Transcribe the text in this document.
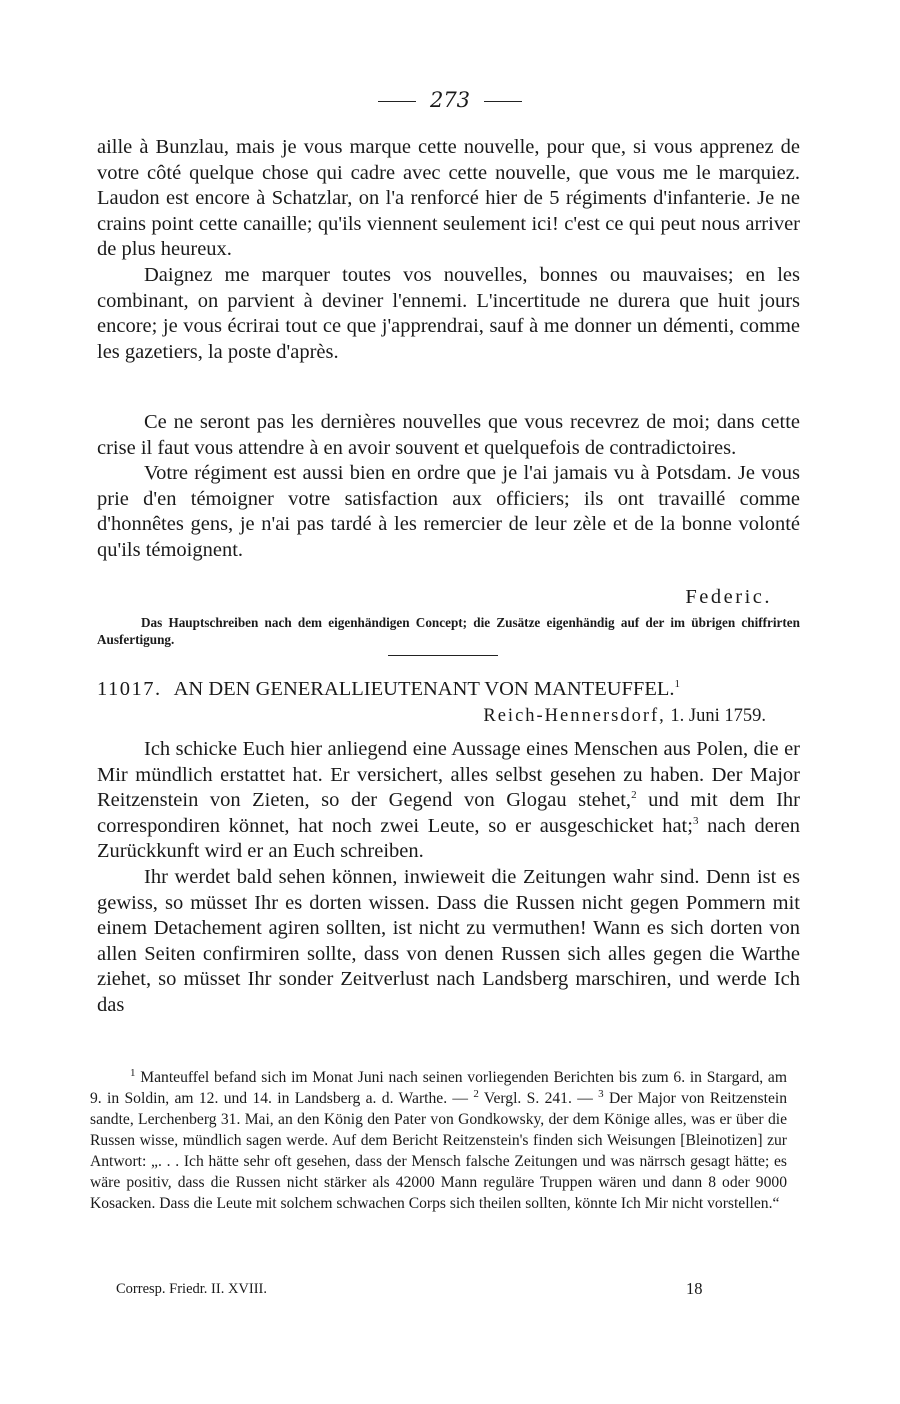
273

aille à Bunzlau, mais je vous marque cette nouvelle, pour que, si vous apprenez de votre côté quelque chose qui cadre avec cette nouvelle, que vous me le marquiez. Laudon est encore à Schatzlar, on l'a renforcé hier de 5 régiments d'infanterie. Je ne crains point cette canaille; qu'ils viennent seulement ici! c'est ce qui peut nous arriver de plus heureux.

Daignez me marquer toutes vos nouvelles, bonnes ou mauvaises; en les combinant, on parvient à deviner l'ennemi. L'incertitude ne durera que huit jours encore; je vous écrirai tout ce que j'apprendrai, sauf à me donner un démenti, comme les gazetiers, la poste d'après.

Ce ne seront pas les dernières nouvelles que vous recevrez de moi; dans cette crise il faut vous attendre à en avoir souvent et quelquefois de contradictoires.

Votre régiment est aussi bien en ordre que je l'ai jamais vu à Potsdam. Je vous prie d'en témoigner votre satisfaction aux officiers; ils ont travaillé comme d'honnêtes gens, je n'ai pas tardé à les remercier de leur zèle et de la bonne volonté qu'ils témoignent.

Federic.
Das Hauptschreiben nach dem eigenhändigen Concept; die Zusätze eigenhändig auf der im übrigen chiffrirten Ausfertigung.
11017. AN DEN GENERALLIEUTENANT VON MANTEUFFEL.$^1$
Reich-Hennersdorf, 1. Juni 1759.

Ich schicke Euch hier anliegend eine Aussage eines Menschen aus Polen, die er Mir mündlich erstattet hat. Er versichert, alles selbst gesehen zu haben. Der Major Reitzenstein von Zieten, so der Gegend von Glogau stehet,$^2$ und mit dem Ihr correspondiren könnet, hat noch zwei Leute, so er ausgeschicket hat;$^3$ nach deren Zurückkunft wird er an Euch schreiben.

Ihr werdet bald sehen können, inwieweit die Zeitungen wahr sind. Denn ist es gewiss, so müsset Ihr es dorten wissen. Dass die Russen nicht gegen Pommern mit einem Detachement agiren sollten, ist nicht zu vermuthen! Wann es sich dorten von allen Seiten confirmiren sollte, dass von denen Russen sich alles gegen die Warthe ziehet, so müsset Ihr sonder Zeitverlust nach Landsberg marschiren, und werde Ich das

$^1$ Manteuffel befand sich im Monat Juni nach seinen vorliegenden Berichten bis zum 6. in Stargard, am 9. in Soldin, am 12. und 14. in Landsberg a. d. Warthe. — $^2$ Vergl. S. 241. — $^3$ Der Major von Reitzenstein sandte, Lerchenberg 31. Mai, an den König den Pater von Gondkowsky, der dem Könige alles, was er über die Russen wisse, mündlich sagen werde. Auf dem Bericht Reitzenstein's finden sich Weisungen [Bleinotizen] zur Antwort: „. . . Ich hätte sehr oft gesehen, dass der Mensch falsche Zeitungen und was närrsch gesagt hätte; es wäre positiv, dass die Russen nicht stärker als 42000 Mann reguläre Truppen wären und dann 8 oder 9000 Kosacken. Dass die Leute mit solchem schwachen Corps sich theilen sollten, könnte Ich Mir nicht vorstellen.“

Corresp. Friedr. II. XVIII.	18
